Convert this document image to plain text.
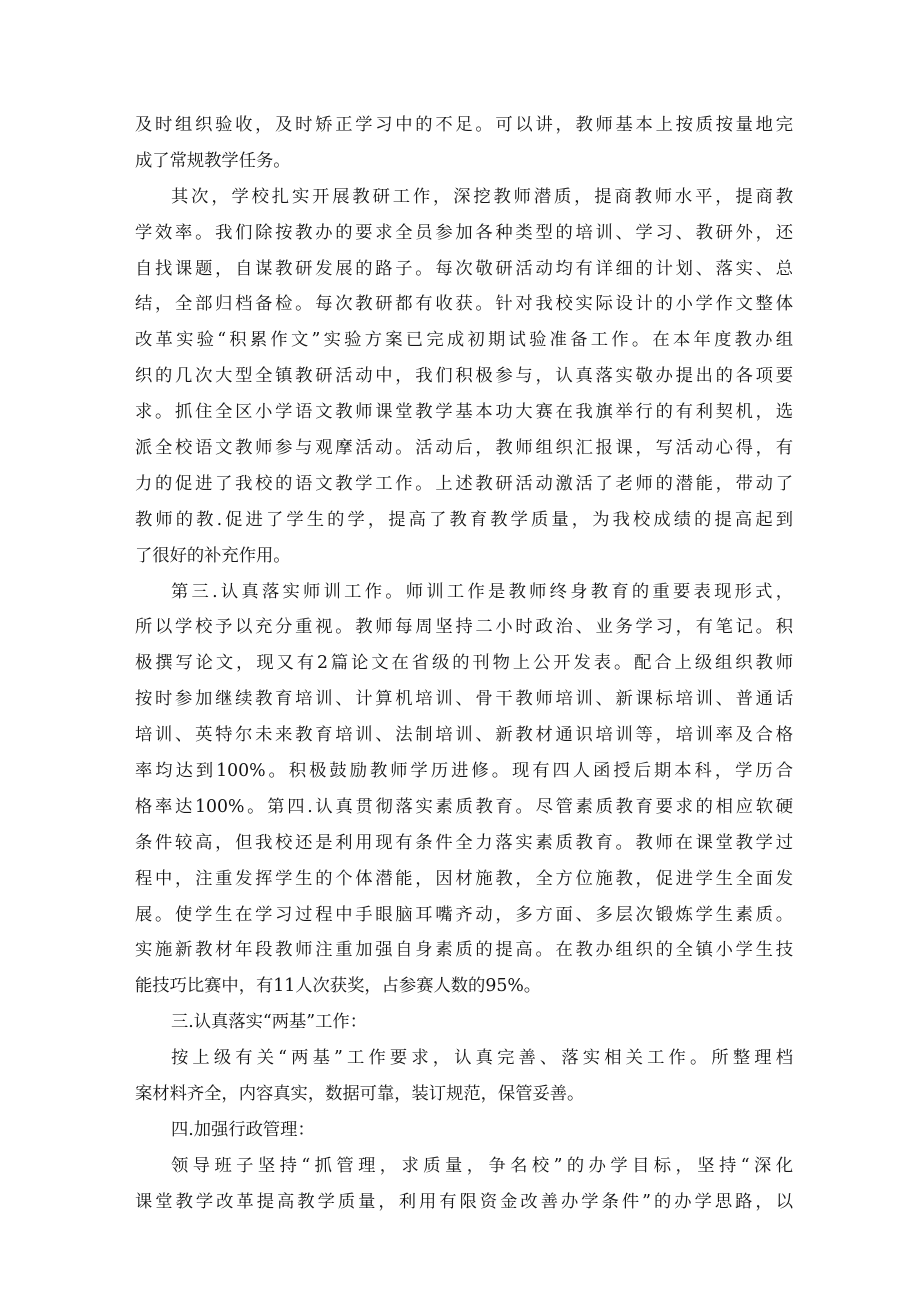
及时组织验收，及时矫正学习中的不足。可以讲，教师基本上按质按量地完
成了常规教学任务。
其次，学校扎实开展教研工作，深挖教师潜质，提商教师水平，提商教
学效率。我们除按教办的要求全员参加各种类型的培训、学习、教研外，还
自找课题，自谋教研发展的路子。每次敬研活动均有详细的计划、落实、总
结，全部归档备检。每次教研都有收获。针对我校实际设计的小学作文整体
改革实验“积累作文”实验方案已完成初期试验准备工作。在本年度教办组
织的几次大型全镇教研活动中，我们积极参与，认真落实敬办提出的各项要
求。抓住全区小学语文教师课堂教学基本功大赛在我旗举行的有利契机，选
派全校语文教师参与观摩活动。活动后，教师组织汇报课，写活动心得，有
力的促进了我校的语文教学工作。上述教研活动激活了老师的潜能，带动了
教师的教.促进了学生的学，提高了教育教学质量，为我校成绩的提高起到
了很好的补充作用。
第三.认真落实师训工作。师训工作是教师终身教育的重要表现形式，
所以学校予以充分重视。教师每周坚持二小时政治、业务学习，有笔记。积
极撰写论文，现又有2篇论文在省级的刊物上公开发表。配合上级组织教师
按时参加继续教育培训、计算机培训、骨干教师培训、新课标培训、普通话
培训、英特尔未来教育培训、法制培训、新教材通识培训等，培训率及合格
率均达到100%。积极鼓励教师学历进修。现有四人函授后期本科，学历合
格率达100%。第四.认真贯彻落实素质教育。尽管素质教育要求的相应软硬
条件较高，但我校还是利用现有条件全力落实素质教育。教师在课堂教学过
程中，注重发挥学生的个体潜能，因材施教，全方位施教，促进学生全面发
展。使学生在学习过程中手眼脑耳嘴齐动，多方面、多层次锻炼学生素质。
实施新教材年段教师注重加强自身素质的提高。在教办组织的全镇小学生技
能技巧比赛中，有11人次获奖，占参赛人数的95%。
三.认真落实“两基”工作：
按上级有关“两基”工作要求，认真完善、落实相关工作。所整理档
案材料齐全，内容真实，数据可靠，装订规范，保管妥善。
四.加强行政管理：
领导班子坚持“抓管理，求质量，争名校”的办学目标，坚持“深化
课堂教学改革提高教学质量，利用有限资金改善办学条件”的办学思路，以
